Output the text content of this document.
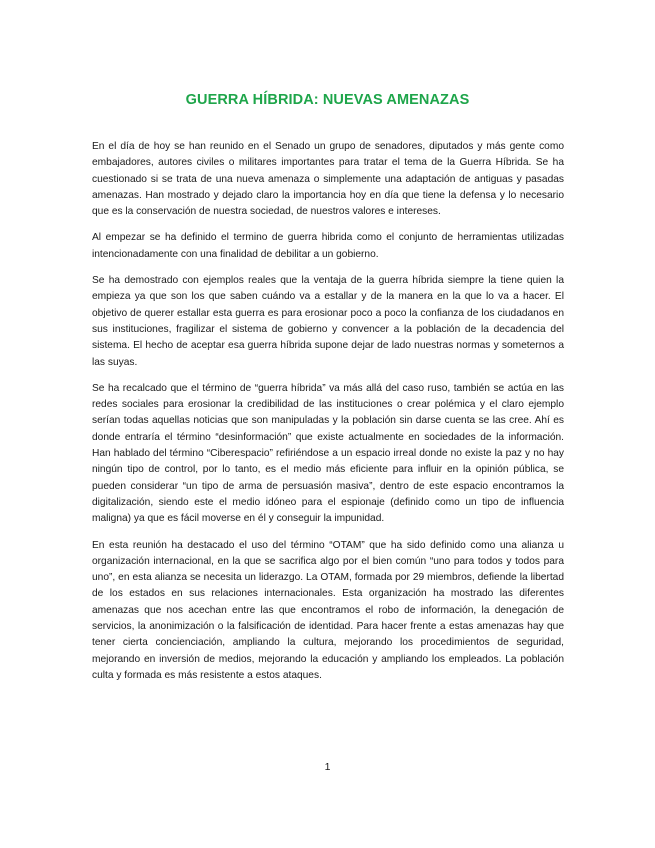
GUERRA HÍBRIDA: NUEVAS AMENAZAS

En el día de hoy se han reunido en el Senado un grupo de senadores, diputados y más gente como embajadores, autores civiles o militares importantes para tratar el tema de la Guerra Híbrida. Se ha cuestionado si se trata de una nueva amenaza o simplemente una adaptación de antiguas y pasadas amenazas. Han mostrado y dejado claro la importancia hoy en día que tiene la defensa y lo necesario que es la conservación de nuestra sociedad, de nuestros valores e intereses.

Al empezar se ha definido el termino de guerra hibrida como el conjunto de herramientas utilizadas intencionadamente con una finalidad de debilitar a un gobierno.

Se ha demostrado con ejemplos reales que la ventaja de la guerra híbrida siempre la tiene quien la empieza ya que son los que saben cuándo va a estallar y de la manera en la que lo va a hacer. El objetivo de querer estallar esta guerra es para erosionar poco a poco la confianza de los ciudadanos en sus instituciones, fragilizar el sistema de gobierno y convencer a la población de la decadencia del sistema. El hecho de aceptar esa guerra híbrida supone dejar de lado nuestras normas y someternos a las suyas.

Se ha recalcado que el término de “guerra híbrida” va más allá del caso ruso, también se actúa en las redes sociales para erosionar la credibilidad de las instituciones o crear polémica y el claro ejemplo serían todas aquellas noticias que son manipuladas y la población sin darse cuenta se las cree. Ahí es donde entraría el término “desinformación” que existe actualmente en sociedades de la información. Han hablado del término “Ciberespacio” refiriéndose a un espacio irreal donde no existe la paz y no hay ningún tipo de control, por lo tanto, es el medio más eficiente para influir en la opinión pública, se pueden considerar “un tipo de arma de persuasión masiva”, dentro de este espacio encontramos la digitalización, siendo este el medio idóneo para el espionaje (definido como un tipo de influencia maligna) ya que es fácil moverse en él y conseguir la impunidad.

En esta reunión ha destacado el uso del término “OTAM” que ha sido definido como una alianza u organización internacional, en la que se sacrifica algo por el bien común “uno para todos y todos para uno”, en esta alianza se necesita un liderazgo. La OTAM, formada por 29 miembros, defiende la libertad de los estados en sus relaciones internacionales. Esta organización ha mostrado las diferentes amenazas que nos acechan entre las que encontramos el robo de información, la denegación de servicios, la anonimización o la falsificación de identidad. Para hacer frente a estas amenazas hay que tener cierta concienciación, ampliando la cultura, mejorando los procedimientos de seguridad, mejorando en inversión de medios, mejorando la educación y ampliando los empleados. La población culta y formada es más resistente a estos ataques.

1
